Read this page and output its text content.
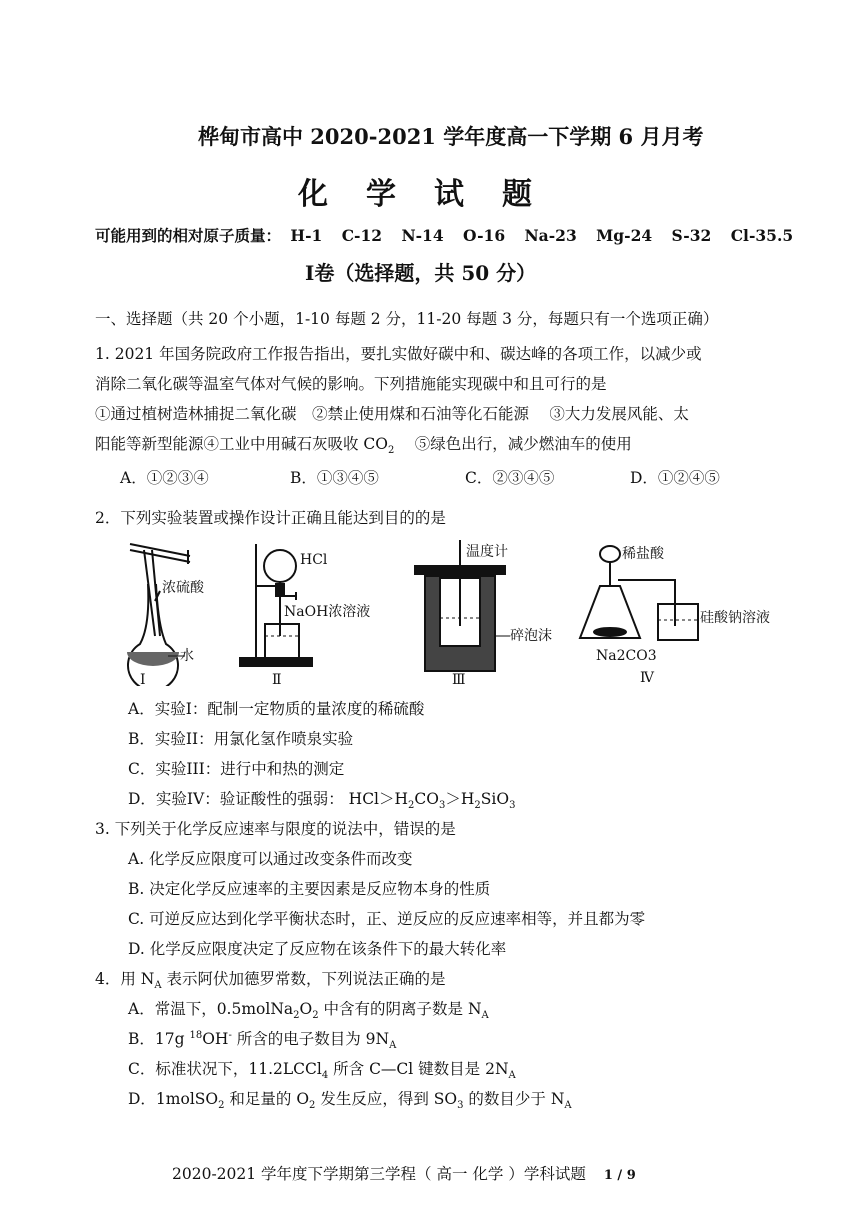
桦甸市高中 2020-2021 学年度高一下学期 6 月月考
化学试题
可能用到的相对原子质量： H-1 C-12 N-14 O-16 Na-23 Mg-24 S-32 Cl-35.5
Ⅰ卷（选择题，共 50 分）
一、选择题（共 20 个小题，1-10 每题 2 分，11-20 每题 3 分，每题只有一个选项正确）
1. 2021 年国务院政府工作报告指出，要扎实做好碳中和、碳达峰的各项工作，以减少或
消除二氧化碳等温室气体对气候的影响。下列措施能实现碳中和且可行的是
①通过植树造林捕捉二氧化碳　②禁止使用煤和石油等化石能源　 ③大力发展风能、太
阳能等新型能源④工业中用碱石灰吸收 $CO_2$　 ⑤绿色出行，减少燃油车的使用
A．①②③④	B．①③④⑤	C．②③④⑤	D．①②④⑤
2．下列实验装置或操作设计正确且能达到目的的是
浓硫酸
水
Ⅰ
HCl
NaOH浓溶液
Ⅱ
温度计
碎泡沫
Ⅲ
稀盐酸
硅酸钠溶液
Na2CO3
Ⅳ
A．实验I：配制一定物质的量浓度的稀硫酸
B．实验II：用氯化氢作喷泉实验
C．实验III：进行中和热的测定
D．实验IV：验证酸性的强弱： $HCl>H_2CO_3>H_2SiO_3$
3. 下列关于化学反应速率与限度的说法中，错误的是
A. 化学反应限度可以通过改变条件而改变
B. 决定化学反应速率的主要因素是反应物本身的性质
C. 可逆反应达到化学平衡状态时，正、逆反应的反应速率相等，并且都为零
D. 化学反应限度决定了反应物在该条件下的最大转化率
4．用 $N_A$ 表示阿伏加德罗常数，下列说法正确的是
A．常温下，$0.5molNa_2O_2$ 中含有的阴离子数是 $N_A$
B．17g $^{18}$OH- 所含的电子数目为 $9N_A$
C．标准状况下，11.2LCCl$_4$ 所含 C—Cl 键数目是 $2N_A$
D．1molSO$_2$ 和足量的 $O_2$ 发生反应，得到 $SO_3$ 的数目少于 $N_A$
2020-2021 学年度下学期第三学程（ 高一 化学 ）学科试题 1 / 9
